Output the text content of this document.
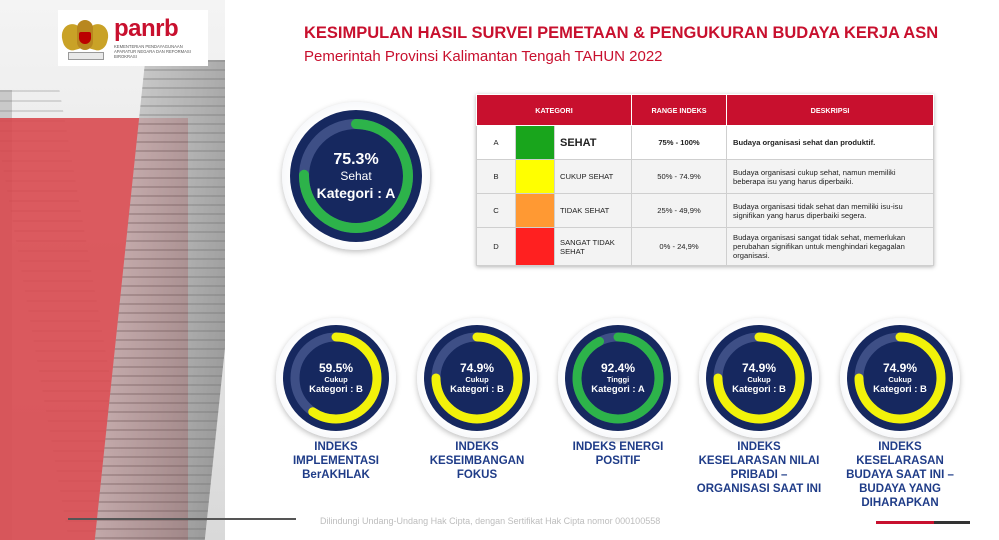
panrb
KEMENTERIAN PENDAYAGUNAAN APARATUR NEGARA DAN REFORMASI BIROKRASI
KESIMPULAN HASIL SURVEI PEMETAAN & PENGUKURAN BUDAYA KERJA ASN
Pemerintah Provinsi Kalimantan Tengah TAHUN 2022
75.3%
Sehat
Kategori : A
KATEGORI			RANGE INDEKS	DESKRIPSI
A		SEHAT	75% - 100%	Budaya organisasi sehat dan produktif.
B		CUKUP SEHAT	50% - 74.9%	Budaya organisasi cukup sehat, namun memiliki beberapa isu yang harus diperbaiki.
C		TIDAK SEHAT	25% - 49,9%	Budaya organisasi tidak sehat dan memiliki isu-isu signifikan yang harus diperbaiki segera.
D		SANGAT TIDAK SEHAT	0% - 24,9%	Budaya organisasi sangat tidak sehat, memerlukan perubahan signifikan untuk menghindari kegagalan organisasi.
59.5%
Cukup
Kategori : B
INDEKS IMPLEMENTASI BerAKHLAK
74.9%
Cukup
Kategori : B
INDEKS KESEIMBANGAN FOKUS
92.4%
Tinggi
Kategori : A
INDEKS ENERGI POSITIF
74.9%
Cukup
Kategori : B
INDEKS KESELARASAN NILAI PRIBADI – ORGANISASI SAAT INI
74.9%
Cukup
Kategori : B
INDEKS KESELARASAN BUDAYA SAAT INI – BUDAYA YANG DIHARAPKAN
Dilindungi Undang-Undang Hak Cipta, dengan Sertifikat Hak Cipta nomor 000100558
